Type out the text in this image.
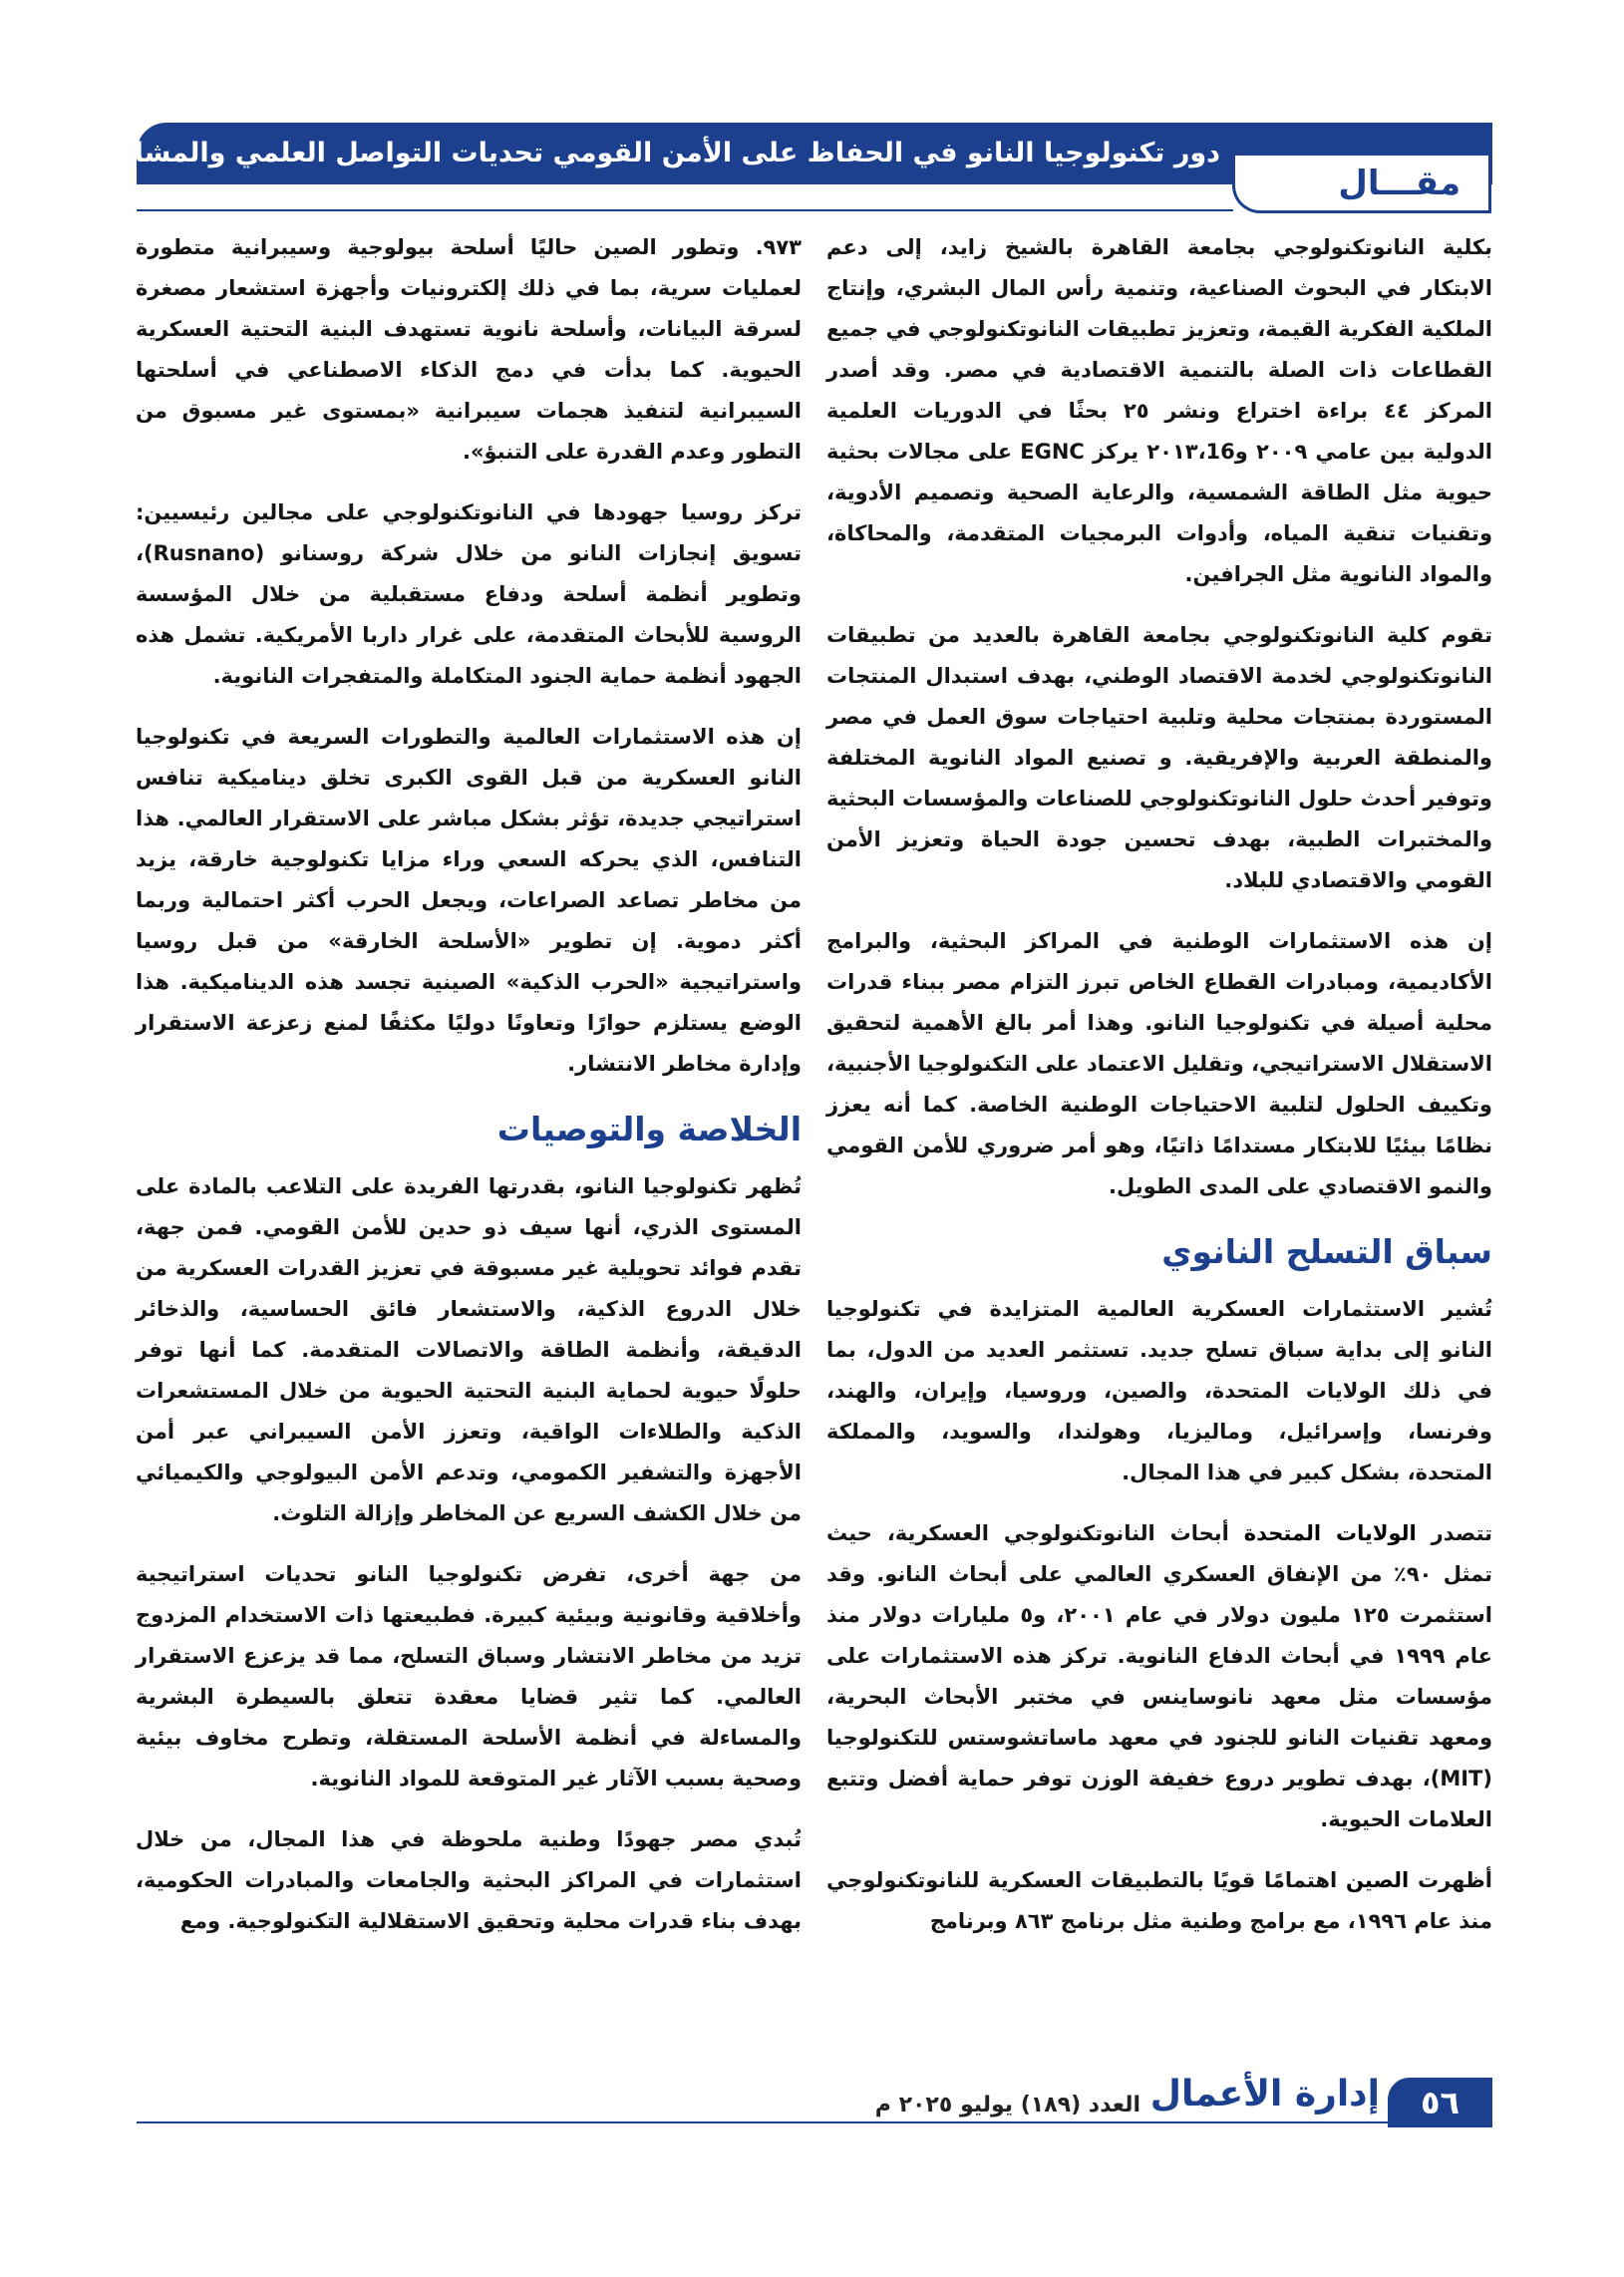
دور تكنولوجيا النانو في الحفاظ على الأمن القومي تحديات التواصل العلمي والمشاركة العامة
مقـــال

بكلية النانوتكنولوجي بجامعة القاهرة بالشيخ زايد، إلى دعم الابتكار في البحوث الصناعية، وتنمية رأس المال البشري، وإنتاج الملكية الفكرية القيمة، وتعزيز تطبيقات النانوتكنولوجي في جميع القطاعات ذات الصلة بالتنمية الاقتصادية في مصر. وقد أصدر المركز ٤٤ براءة اختراع ونشر ٢٥ بحثًا في الدوريات العلمية الدولية بين عامي ٢٠٠٩ و٢٠١٣،16 يركز EGNC على مجالات بحثية حيوية مثل الطاقة الشمسية، والرعاية الصحية وتصميم الأدوية، وتقنيات تنقية المياه، وأدوات البرمجيات المتقدمة، والمحاكاة، والمواد النانوية مثل الجرافين.

تقوم كلية النانوتكنولوجي بجامعة القاهرة بالعديد من تطبيقات النانوتكنولوجي لخدمة الاقتصاد الوطني، بهدف استبدال المنتجات المستوردة بمنتجات محلية وتلبية احتياجات سوق العمل في مصر والمنطقة العربية والإفريقية. و تصنيع المواد النانوية المختلفة وتوفير أحدث حلول النانوتكنولوجي للصناعات والمؤسسات البحثية والمختبرات الطبية، بهدف تحسين جودة الحياة وتعزيز الأمن القومي والاقتصادي للبلاد.

إن هذه الاستثمارات الوطنية في المراكز البحثية، والبرامج الأكاديمية، ومبادرات القطاع الخاص تبرز التزام مصر ببناء قدرات محلية أصيلة في تكنولوجيا النانو. وهذا أمر بالغ الأهمية لتحقيق الاستقلال الاستراتيجي، وتقليل الاعتماد على التكنولوجيا الأجنبية، وتكييف الحلول لتلبية الاحتياجات الوطنية الخاصة. كما أنه يعزز نظامًا بيئيًا للابتكار مستدامًا ذاتيًا، وهو أمر ضروري للأمن القومي والنمو الاقتصادي على المدى الطويل.

سباق التسلح النانوي

تُشير الاستثمارات العسكرية العالمية المتزايدة في تكنولوجيا النانو إلى بداية سباق تسلح جديد. تستثمر العديد من الدول، بما في ذلك الولايات المتحدة، والصين، وروسيا، وإيران، والهند، وفرنسا، وإسرائيل، وماليزيا، وهولندا، والسويد، والمملكة المتحدة، بشكل كبير في هذا المجال.

تتصدر الولايات المتحدة أبحاث النانوتكنولوجي العسكرية، حيث تمثل ٩٠٪ من الإنفاق العسكري العالمي على أبحاث النانو. وقد استثمرت ١٢٥ مليون دولار في عام ٢٠٠١، و٥ مليارات دولار منذ عام ١٩٩٩ في أبحاث الدفاع النانوية. تركز هذه الاستثمارات على مؤسسات مثل معهد نانوساينس في مختبر الأبحاث البحرية، ومعهد تقنيات النانو للجنود في معهد ماساتشوستس للتكنولوجيا (MIT)، بهدف تطوير دروع خفيفة الوزن توفر حماية أفضل وتتبع العلامات الحيوية.

أظهرت الصين اهتمامًا قويًا بالتطبيقات العسكرية للنانوتكنولوجي منذ عام ١٩٩٦، مع برامج وطنية مثل برنامج ٨٦٣ وبرنامج

٩٧٣. وتطور الصين حاليًا أسلحة بيولوجية وسيبرانية متطورة لعمليات سرية، بما في ذلك إلكترونيات وأجهزة استشعار مصغرة لسرقة البيانات، وأسلحة نانوية تستهدف البنية التحتية العسكرية الحيوية. كما بدأت في دمج الذكاء الاصطناعي في أسلحتها السيبرانية لتنفيذ هجمات سيبرانية «بمستوى غير مسبوق من التطور وعدم القدرة على التنبؤ».

تركز روسيا جهودها في النانوتكنولوجي على مجالين رئيسيين: تسويق إنجازات النانو من خلال شركة روسنانو (Rusnano)، وتطوير أنظمة أسلحة ودفاع مستقبلية من خلال المؤسسة الروسية للأبحاث المتقدمة، على غرار داربا الأمريكية. تشمل هذه الجهود أنظمة حماية الجنود المتكاملة والمتفجرات النانوية.

إن هذه الاستثمارات العالمية والتطورات السريعة في تكنولوجيا النانو العسكرية من قبل القوى الكبرى تخلق ديناميكية تنافس استراتيجي جديدة، تؤثر بشكل مباشر على الاستقرار العالمي. هذا التنافس، الذي يحركه السعي وراء مزايا تكنولوجية خارقة، يزيد من مخاطر تصاعد الصراعات، ويجعل الحرب أكثر احتمالية وربما أكثر دموية. إن تطوير «الأسلحة الخارقة» من قبل روسيا واستراتيجية «الحرب الذكية» الصينية تجسد هذه الديناميكية. هذا الوضع يستلزم حوارًا وتعاونًا دوليًا مكثفًا لمنع زعزعة الاستقرار وإدارة مخاطر الانتشار.

الخلاصة والتوصيات

تُظهر تكنولوجيا النانو، بقدرتها الفريدة على التلاعب بالمادة على المستوى الذري، أنها سيف ذو حدين للأمن القومي. فمن جهة، تقدم فوائد تحويلية غير مسبوقة في تعزيز القدرات العسكرية من خلال الدروع الذكية، والاستشعار فائق الحساسية، والذخائر الدقيقة، وأنظمة الطاقة والاتصالات المتقدمة. كما أنها توفر حلولًا حيوية لحماية البنية التحتية الحيوية من خلال المستشعرات الذكية والطلاءات الواقية، وتعزز الأمن السيبراني عبر أمن الأجهزة والتشفير الكمومي، وتدعم الأمن البيولوجي والكيميائي من خلال الكشف السريع عن المخاطر وإزالة التلوث.

من جهة أخرى، تفرض تكنولوجيا النانو تحديات استراتيجية وأخلاقية وقانونية وبيئية كبيرة. فطبيعتها ذات الاستخدام المزدوج تزيد من مخاطر الانتشار وسباق التسلح، مما قد يزعزع الاستقرار العالمي. كما تثير قضايا معقدة تتعلق بالسيطرة البشرية والمساءلة في أنظمة الأسلحة المستقلة، وتطرح مخاوف بيئية وصحية بسبب الآثار غير المتوقعة للمواد النانوية.

تُبدي مصر جهودًا وطنية ملحوظة في هذا المجال، من خلال استثمارات في المراكز البحثية والجامعات والمبادرات الحكومية، بهدف بناء قدرات محلية وتحقيق الاستقلالية التكنولوجية. ومع

٥٦
إدارة الأعمال
العدد (١٨٩) يوليو ٢٠٢٥ م
